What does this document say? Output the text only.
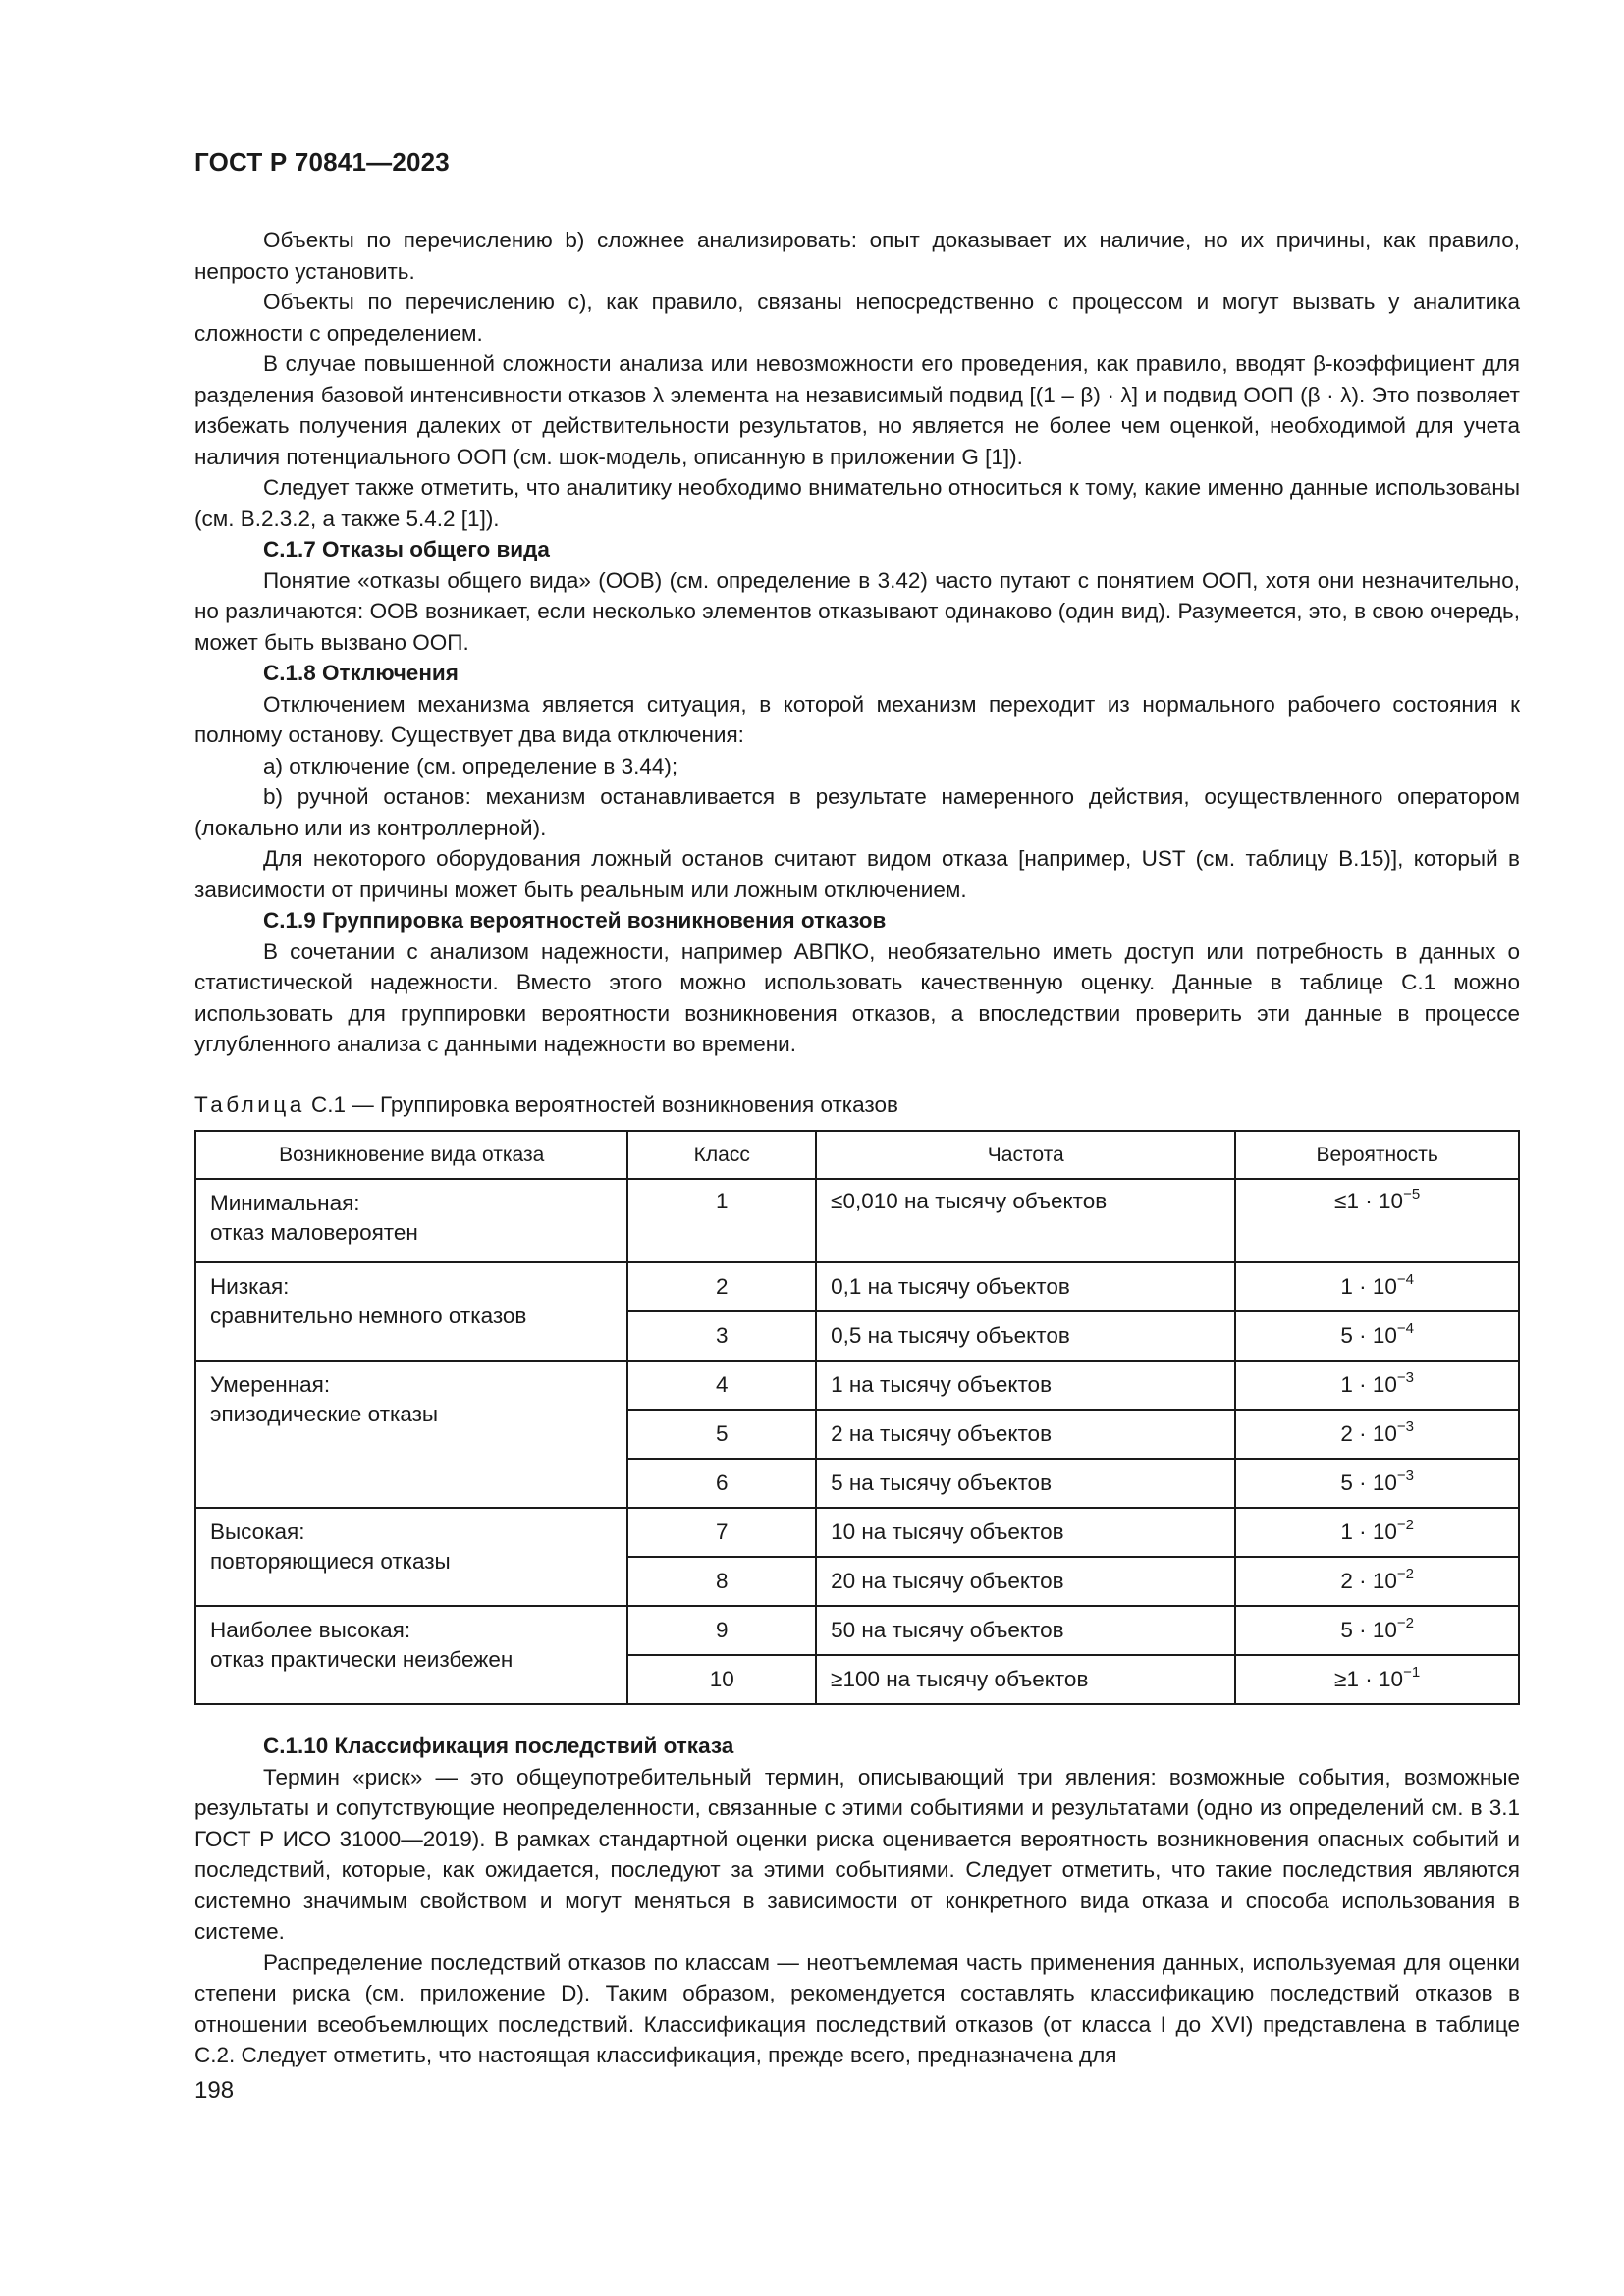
ГОСТ Р 70841—2023

Объекты по перечислению b) сложнее анализировать: опыт доказывает их наличие, но их причины, как правило, непросто установить.

Объекты по перечислению с), как правило, связаны непосредственно с процессом и могут вызвать у аналитика сложности с определением.

В случае повышенной сложности анализа или невозможности его проведения, как правило, вводят β-коэффициент для разделения базовой интенсивности отказов λ элемента на независимый подвид [(1 – β) · λ] и подвид ООП (β · λ). Это позволяет избежать получения далеких от действительности результатов, но является не более чем оценкой, необходимой для учета наличия потенциального ООП (см. шок-модель, описанную в приложении G [1]).

Следует также отметить, что аналитику необходимо внимательно относиться к тому, какие именно данные использованы (см. В.2.3.2, а также 5.4.2 [1]).

С.1.7 Отказы общего вида

Понятие «отказы общего вида» (ООВ) (см. определение в 3.42) часто путают с понятием ООП, хотя они незначительно, но различаются: ООВ возникает, если несколько элементов отказывают одинаково (один вид). Разумеется, это, в свою очередь, может быть вызвано ООП.

С.1.8 Отключения

Отключением механизма является ситуация, в которой механизм переходит из нормального рабочего состояния к полному останову. Существует два вида отключения:

a) отключение (см. определение в 3.44);

b) ручной останов: механизм останавливается в результате намеренного действия, осуществленного оператором (локально или из контроллерной).

Для некоторого оборудования ложный останов считают видом отказа [например, UST (см. таблицу В.15)], который в зависимости от причины может быть реальным или ложным отключением.

С.1.9 Группировка вероятностей возникновения отказов

В сочетании с анализом надежности, например АВПКО, необязательно иметь доступ или потребность в данных о статистической надежности. Вместо этого можно использовать качественную оценку. Данные в таблице С.1 можно использовать для группировки вероятности возникновения отказов, а впоследствии проверить эти данные в процессе углубленного анализа с данными надежности во времени.

Таблица С.1 — Группировка вероятностей возникновения отказов
Возникновение вида отказа	Класс	Частота	Вероятность

Минимальная:
отказ маловероятен	1	≤0,010 на тысячу объектов	$\le 1 \cdot 10^{-5}$

Низкая:
сравнительно немного отказов	2	0,1 на тысячу объектов	$1 \cdot 10^{-4}$
	3	0,5 на тысячу объектов	$5 \cdot 10^{-4}$

Умеренная:
эпизодические отказы	4	1 на тысячу объектов	$1 \cdot 10^{-3}$
	5	2 на тысячу объектов	$2 \cdot 10^{-3}$
	6	5 на тысячу объектов	$5 \cdot 10^{-3}$

Высокая:
повторяющиеся отказы	7	10 на тысячу объектов	$1 \cdot 10^{-2}$
	8	20 на тысячу объектов	$2 \cdot 10^{-2}$

Наиболее высокая:
отказ практически неизбежен	9	50 на тысячу объектов	$5 \cdot 10^{-2}$
	10	≥100 на тысячу объектов	$\ge 1 \cdot 10^{-1}$

С.1.10 Классификация последствий отказа

Термин «риск» — это общеупотребительный термин, описывающий три явления: возможные события, возможные результаты и сопутствующие неопределенности, связанные с этими событиями и результатами (одно из определений см. в 3.1 ГОСТ Р ИСО 31000—2019). В рамках стандартной оценки риска оценивается вероятность возникновения опасных событий и последствий, которые, как ожидается, последуют за этими событиями. Следует отметить, что такие последствия являются системно значимым свойством и могут меняться в зависимости от конкретного вида отказа и способа использования в системе.

Распределение последствий отказов по классам — неотъемлемая часть применения данных, используемая для оценки степени риска (см. приложение D). Таким образом, рекомендуется составлять классификацию последствий отказов в отношении всеобъемлющих последствий. Классификация последствий отказов (от класса I до XVI) представлена в таблице С.2. Следует отметить, что настоящая классификация, прежде всего, предназначена для

198
